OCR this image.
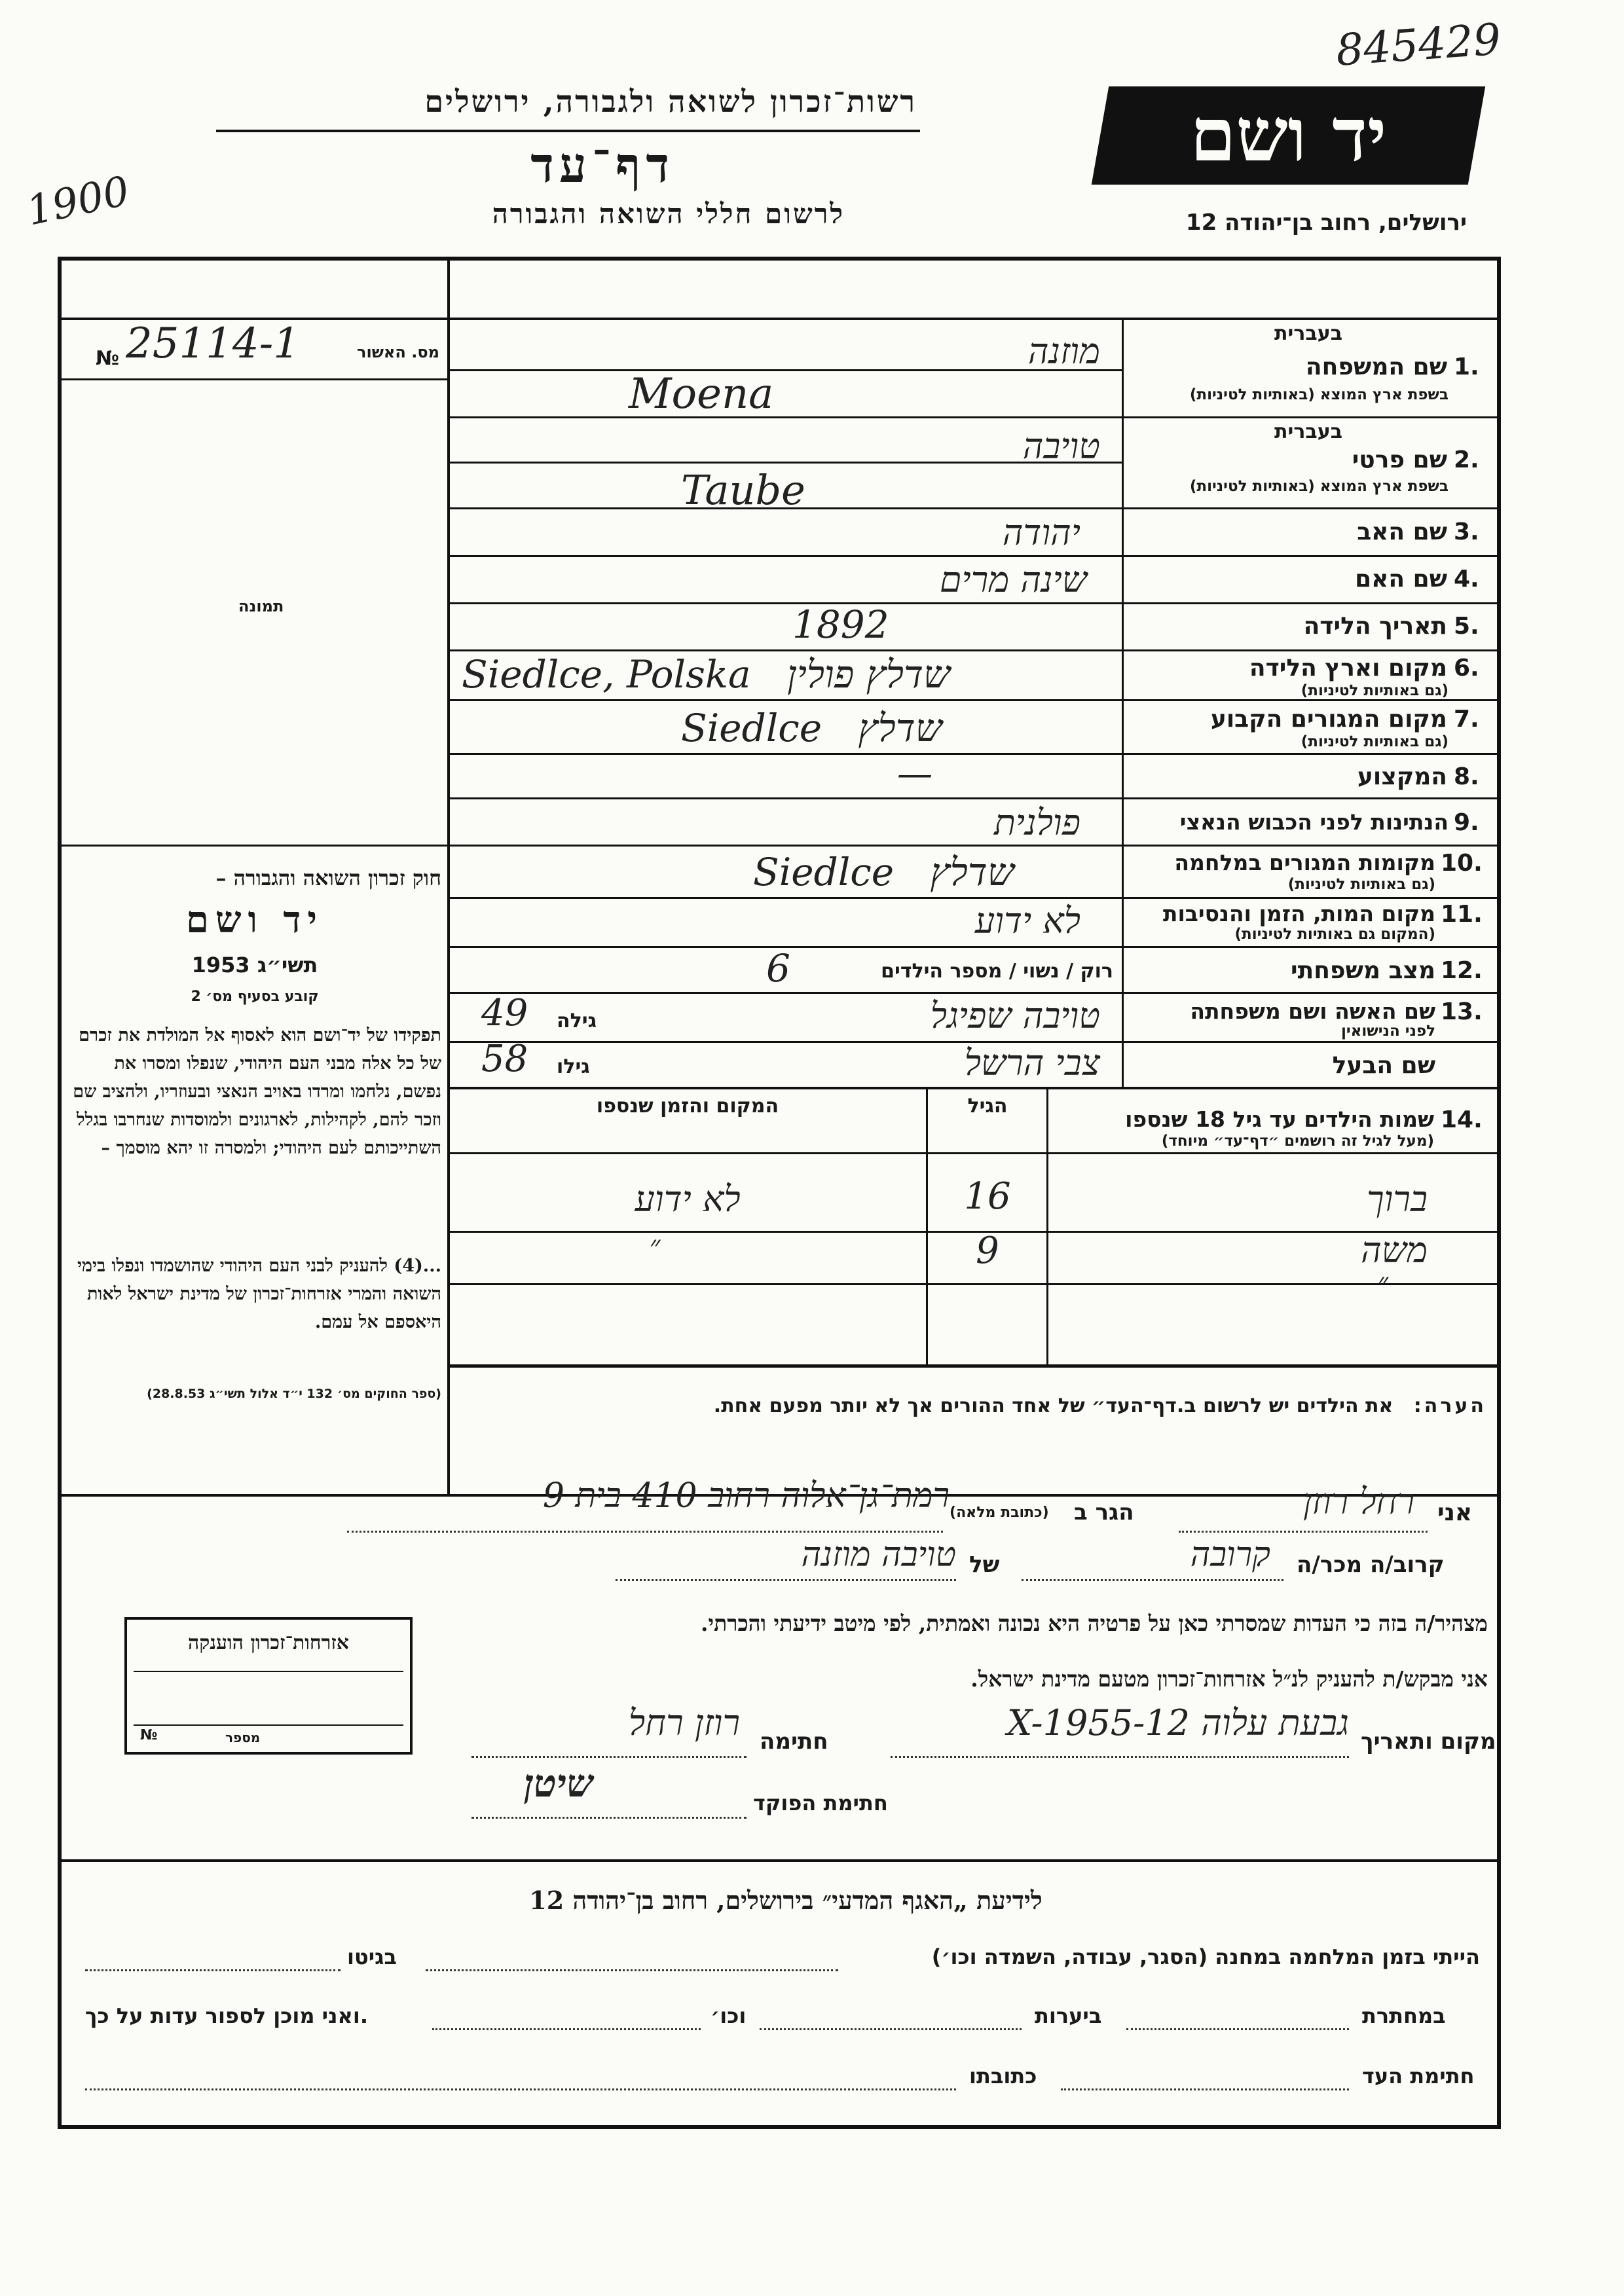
845429
1900
רשות־זכרון לשואה ולגבורה, ירושלים
דף־עד
לרשום חללי השואה והגבורה
יד ושם
ירושלים, רחוב בן־יהודה 12
№ 25114-1	מס. האשור
תמונה
חוק זכרון השואה והגבורה –
יד ושם
תשי״ג 1953
קובע בסעיף מס׳ 2
תפקידו של יד־ושם הוא לאסוף אל המולדת את זכרם של כל אלה מבני העם היהודי, שנפלו ומסרו את נפשם, נלחמו ומרדו באויב הנאצי ובעוזריו, ולהציב שם וזכר להם, לקהילות, לארגונים ולמוסדות שנחרבו בגלל השתייכותם לעם היהודי; ולמסרה זו יהא מוסמך –
...(4) להעניק לבני העם היהודי שהושמדו ונפלו בימי השואה והמרי אזרחות־זכרון של מדינת ישראל לאות היאספם אל עמם.
(ספר החוקים מס׳ 132 י״ד אלול תשי״ג 28.8.53)
בעברית
1.
שם המשפחה
בשפת ארץ המוצא (באותיות לטיניות)
מוזנה
Moena
בעברית
2.
שם פרטי
בשפת ארץ המוצא (באותיות לטיניות)
טויבה
Taube
3.
שם האב
יהודה
4.
שם האם
שינה מרים
5.
תאריך הלידה
1892
6.
מקום וארץ הלידה
(גם באותיות לטיניות)
Siedlce, Polska   שדלץ פולין
7.
מקום המגורים הקבוע
(גם באותיות לטיניות)
Siedlce   שדלץ
8.
המקצוע
—
9.
הנתינות לפני הכבוש הנאצי
פולנית
10.
מקומות המגורים במלחמה
(גם באותיות לטיניות)
Siedlce   שדלץ
11.
מקום המות, הזמן והנסיבות
(המקום גם באותיות לטיניות)
לא ידוע
12.
מצב משפחתי
רוק / נשוי / מספר הילדים
6
13.
שם האשה ושם משפחתה
לפני הנישואין
טויבה שפיגל
גילה
49
שם הבעל
צבי הרשל
גילו
58
14.
שמות הילדים עד גיל 18 שנספו
(מעל לגיל זה רושמים ״דף־עד״ מיוחד)
הגיל
המקום והזמן שנספו
ברוך
16
לא ידוע
משה
9
״
״
הערה:   את הילדים יש לרשום ב.דף־העד״ של אחד ההורים אך לא יותר מפעם אחת.
אני
רחל רוזן
הגר ב
(כתובת מלאה)
רמת־גן־אלוה רחוב 410 בית 9
קרוב/ה מכר/ה
קרובה
של
טויבה מוזנה
מצהיר/ה בזה כי העדות שמסרתי כאן על פרטיה היא נכונה ואמתית, לפי מיטב ידיעתי והכרתי.
אני מבקש/ת להעניק לנ״ל אזרחות־זכרון מטעם מדינת ישראל.
מקום ותאריך
גבעת עלוה 12-X-1955
חתימה
רוזן רחל
חתימת הפוקד
שיטן
אזרחות־זכרון הוענקה
№	מספר
לידיעת „האגף המדעי״ בירושלים, רחוב בן־יהודה 12
הייתי בזמן המלחמה במחנה (הסגר, עבודה, השמדה וכו׳)
בגיטו
במחתרת
ביערות
וכו׳
ואני מוכן לספור עדות על כך.
חתימת העד
כתובתו
